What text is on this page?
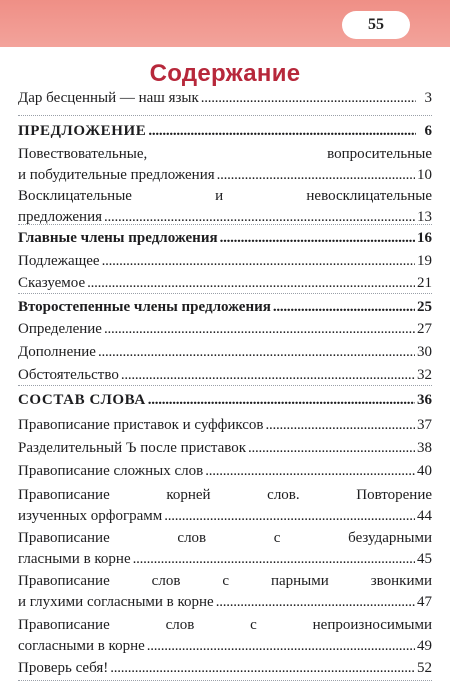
55
Содержание
Дар бесценный — наш язык . . .	3
ПРЕДЛОЖЕНИЕ . . .	6
Повествовательные, вопросительные
и побудительные предложения . . .	10
Восклицательные и невосклицательные
предложения . . .	13
Главные члены предложения . . .	16
Подлежащее . . .	19
Сказуемое . . .	21
Второстепенные члены предложения . . .	25
Определение . . .	27
Дополнение . . .	30
Обстоятельство . . .	32
СОСТАВ СЛОВА . . .	36
Правописание приставок и суффиксов . . .	37
Разделительный Ъ после приставок . . .	38
Правописание сложных слов . . .	40
Правописание корней слов. Повторение
изученных орфограмм . . .	44
Правописание слов с безударными
гласными в корне . . .	45
Правописание слов с парными звонкими
и глухими согласными в корне . . .	47
Правописание слов с непроизносимыми
согласными в корне . . .	49
Проверь себя! . . .	52
